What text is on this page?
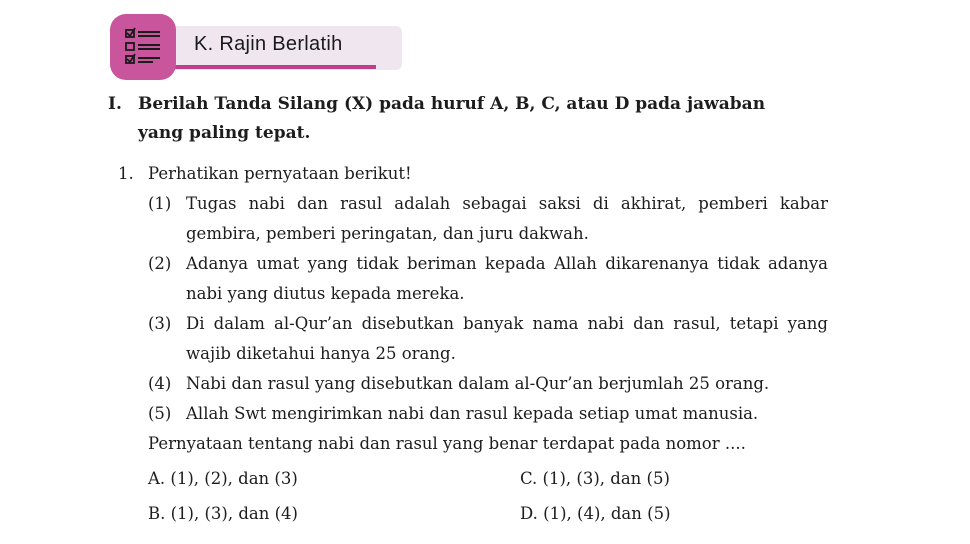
K. Rajin Berlatih
I. Berilah Tanda Silang (X) pada huruf A, B, C, atau D pada jawaban
yang paling tepat.
1. Perhatikan pernyataan berikut!
(1) Tugas nabi dan rasul adalah sebagai saksi di akhirat, pemberi kabar gembira, pemberi peringatan, dan juru dakwah.
(2) Adanya umat yang tidak beriman kepada Allah dikarenanya tidak adanya nabi yang diutus kepada mereka.
(3) Di dalam al-Qur’an disebutkan banyak nama nabi dan rasul, tetapi yang wajib diketahui hanya 25 orang.
(4) Nabi dan rasul yang disebutkan dalam al-Qur’an berjumlah 25 orang.
(5) Allah Swt mengirimkan nabi dan rasul kepada setiap umat manusia.
Pernyataan tentang nabi dan rasul yang benar terdapat pada nomor ....
A. (1), (2), dan (3)	C. (1), (3), dan (5)
B. (1), (3), dan (4)	D. (1), (4), dan (5)
